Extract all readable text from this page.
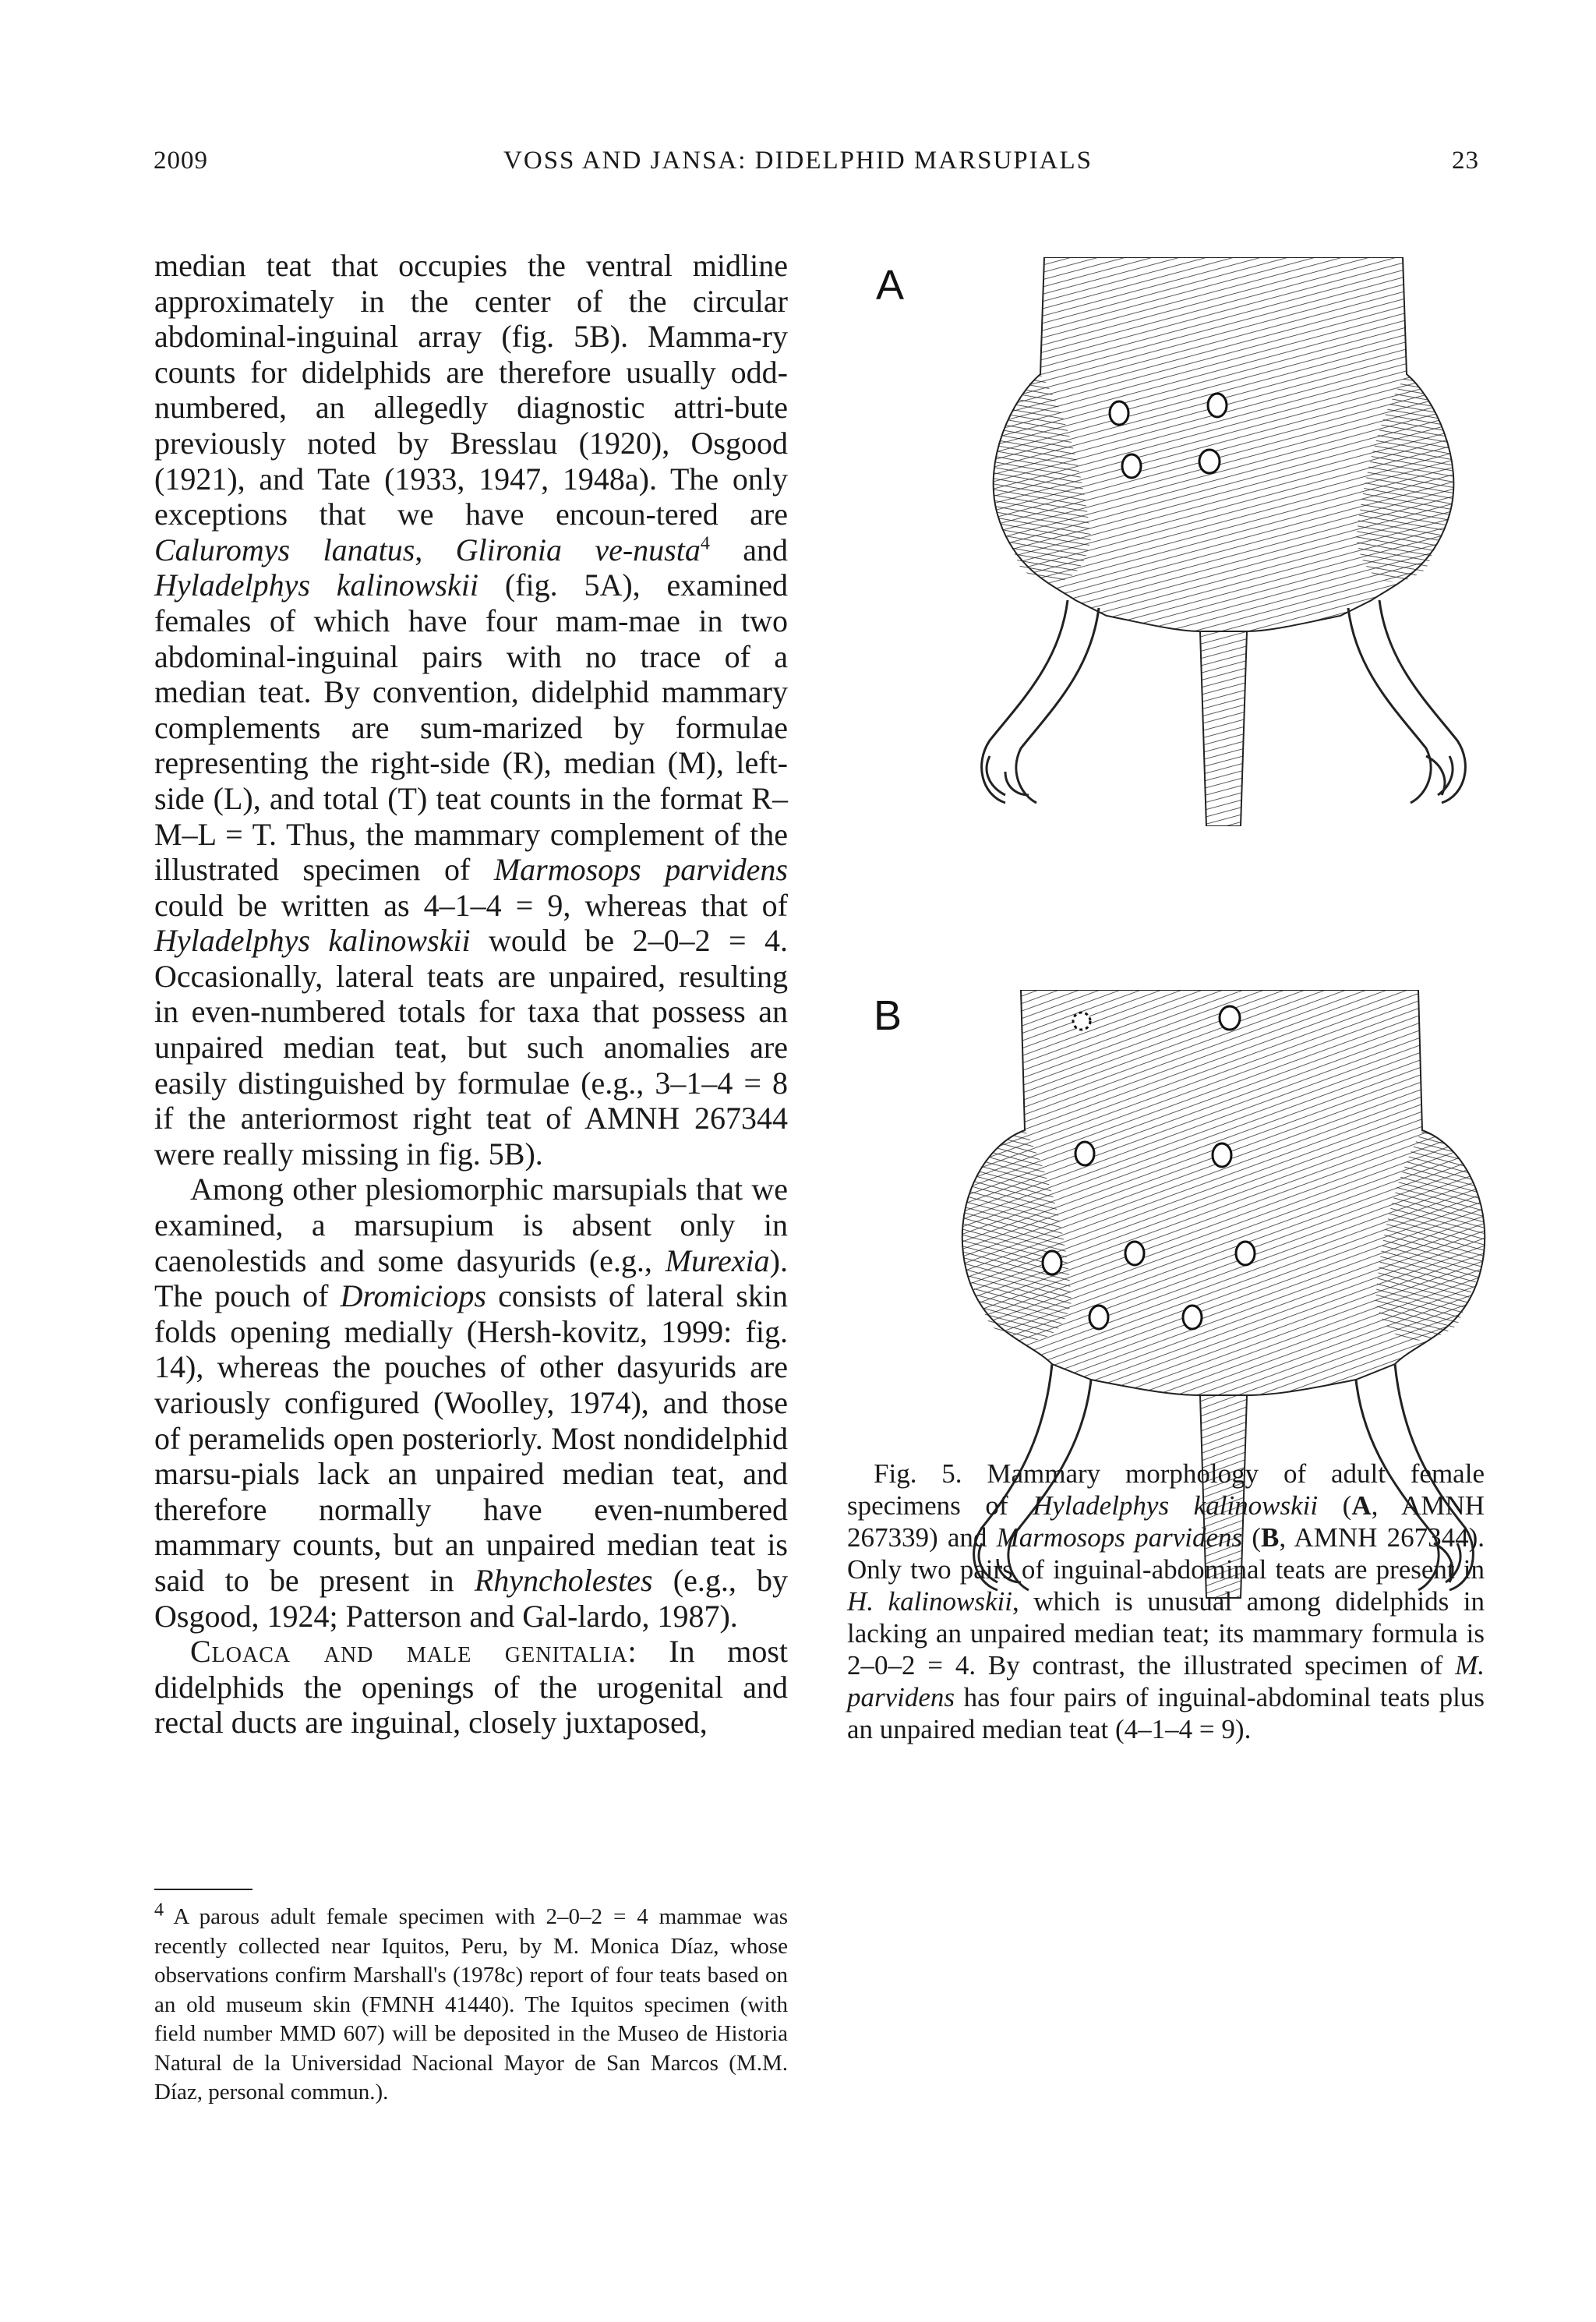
2009	VOSS AND JANSA: DIDELPHID MARSUPIALS	23

median teat that occupies the ventral midline approximately in the center of the circular abdominal-inguinal array (fig. 5B). Mamma-ry counts for didelphids are therefore usually odd-numbered, an allegedly diagnostic attri-bute previously noted by Bresslau (1920), Osgood (1921), and Tate (1933, 1947, 1948a). The only exceptions that we have encoun-tered are Caluromys lanatus, Glironia ve-nusta$^4$ and Hyladelphys kalinowskii (fig. 5A), examined females of which have four mam-mae in two abdominal-inguinal pairs with no trace of a median teat. By convention, didelphid mammary complements are sum-marized by formulae representing the right-side (R), median (M), left-side (L), and total (T) teat counts in the format R–M–L = T. Thus, the mammary complement of the illustrated specimen of Marmosops parvidens could be written as 4–1–4 = 9, whereas that of Hyladelphys kalinowskii would be 2–0–2 = 4. Occasionally, lateral teats are unpaired, resulting in even-numbered totals for taxa that possess an unpaired median teat, but such anomalies are easily distinguished by formulae (e.g., 3–1–4 = 8 if the anteriormost right teat of AMNH 267344 were really missing in fig. 5B).

Among other plesiomorphic marsupials that we examined, a marsupium is absent only in caenolestids and some dasyurids (e.g., Murexia). The pouch of Dromiciops consists of lateral skin folds opening medially (Hersh-kovitz, 1999: fig. 14), whereas the pouches of other dasyurids are variously configured (Woolley, 1974), and those of peramelids open posteriorly. Most nondidelphid marsu-pials lack an unpaired median teat, and therefore normally have even-numbered mammary counts, but an unpaired median teat is said to be present in Rhyncholestes (e.g., by Osgood, 1924; Patterson and Gal-lardo, 1987).

Cloaca and male genitalia: In most didelphids the openings of the urogenital and rectal ducts are inguinal, closely juxtaposed,

$^4$ A parous adult female specimen with 2–0–2 = 4 mammae was recently collected near Iquitos, Peru, by M. Monica Díaz, whose observations confirm Marshall's (1978c) report of four teats based on an old museum skin (FMNH 41440). The Iquitos specimen (with field number MMD 607) will be deposited in the Museo de Historia Natural de la Universidad Nacional Mayor de San Marcos (M.M. Díaz, personal commun.).
A
B
Fig. 5. Mammary morphology of adult female specimens of Hyladelphys kalinowskii (A, AMNH 267339) and Marmosops parvidens (B, AMNH 267344). Only two pairs of inguinal-abdominal teats are present in H. kalinowskii, which is unusual among didelphids in lacking an unpaired median teat; its mammary formula is 2–0–2 = 4. By contrast, the illustrated specimen of M. parvidens has four pairs of inguinal-abdominal teats plus an unpaired median teat (4–1–4 = 9).
